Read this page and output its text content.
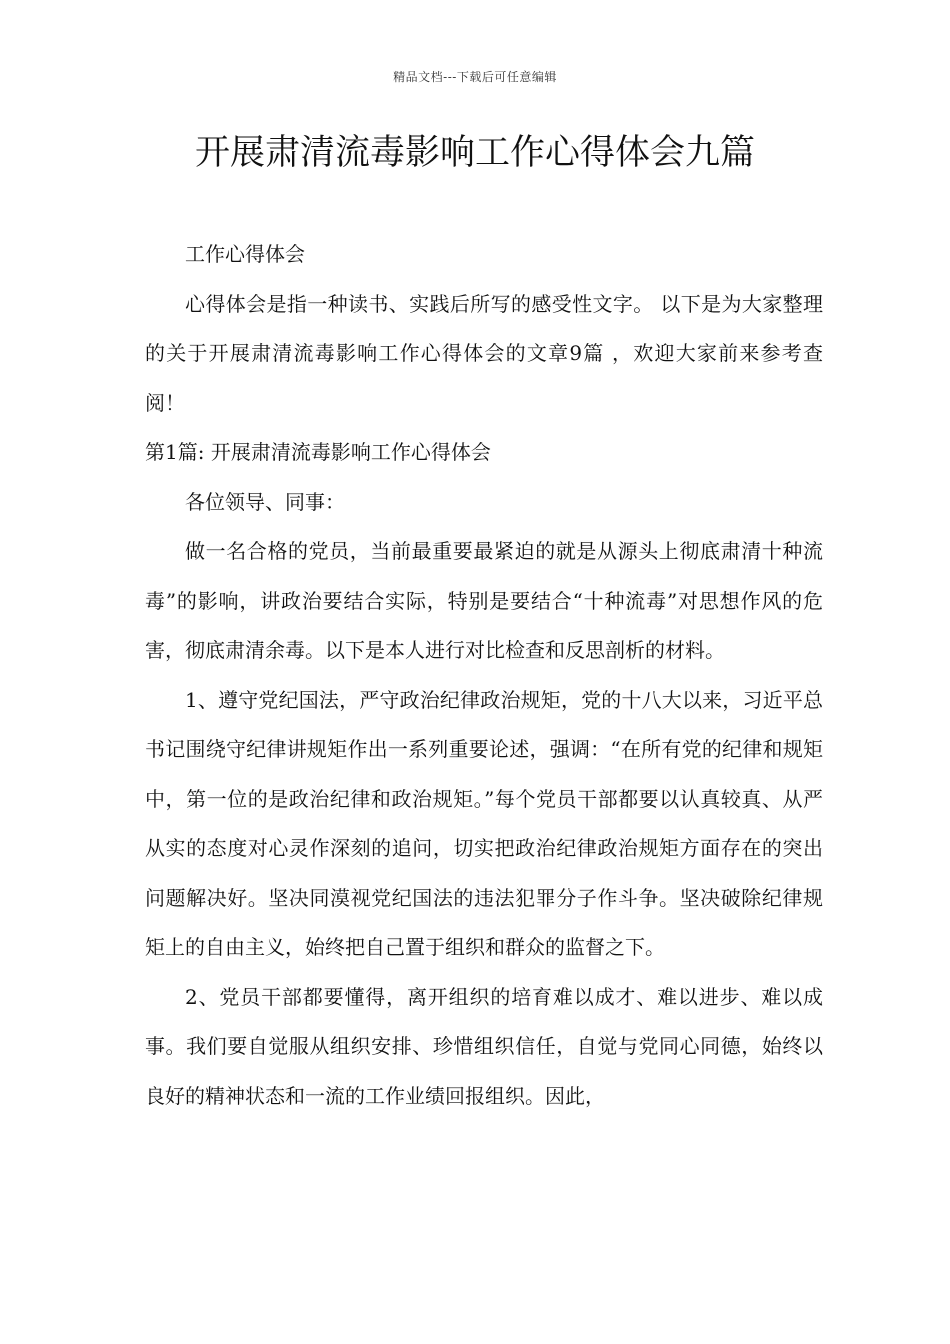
精品文档---下载后可任意编辑
开展肃清流毒影响工作心得体会九篇

工作心得体会

心得体会是指一种读书、实践后所写的感受性文字。 以下是为大家整理的关于开展肃清流毒影响工作心得体会的文章9篇 ，欢迎大家前来参考查阅！

第1篇: 开展肃清流毒影响工作心得体会

各位领导、同事：

做一名合格的党员，当前最重要最紧迫的就是从源头上彻底肃清十种流毒”的影响，讲政治要结合实际，特别是要结合“十种流毒”对思想作风的危害，彻底肃清余毒。以下是本人进行对比检查和反思剖析的材料。

1、遵守党纪国法，严守政治纪律政治规矩，党的十八大以来，习近平总书记围绕守纪律讲规矩作出一系列重要论述，强调：“在所有党的纪律和规矩中，第一位的是政治纪律和政治规矩。”每个党员干部都要以认真较真、从严从实的态度对心灵作深刻的追问，切实把政治纪律政治规矩方面存在的突出问题解决好。坚决同漠视党纪国法的违法犯罪分子作斗争。坚决破除纪律规矩上的自由主义，始终把自己置于组织和群众的监督之下。

2、党员干部都要懂得，离开组织的培育难以成才、难以进步、难以成事。我们要自觉服从组织安排、珍惜组织信任，自觉与党同心同德，始终以良好的精神状态和一流的工作业绩回报组织。因此，
